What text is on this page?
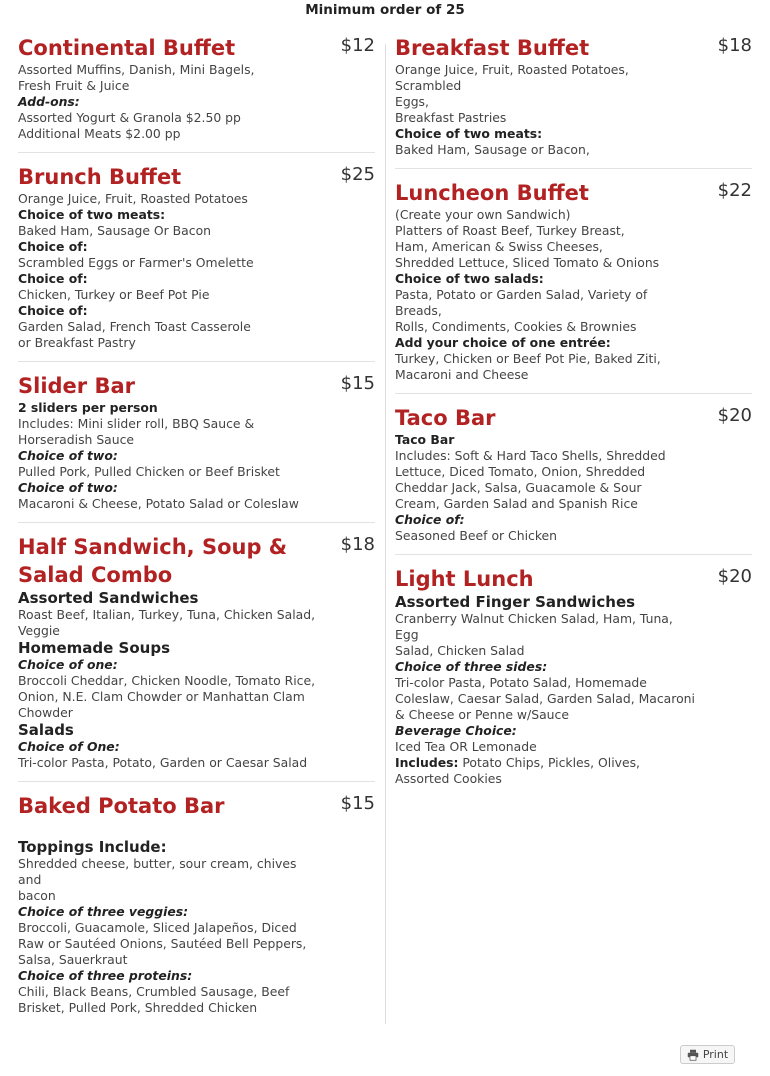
Minimum order of 25
Continental Buffet	$12
Assorted Muffins, Danish, Mini Bagels,
Fresh Fruit & Juice
Add-ons:
Assorted Yogurt & Granola $2.50 pp
Additional Meats $2.00 pp
Brunch Buffet	$25
Orange Juice, Fruit, Roasted Potatoes
Choice of two meats:
Baked Ham, Sausage Or Bacon
Choice of:
Scrambled Eggs or Farmer's Omelette
Choice of:
Chicken, Turkey or Beef Pot Pie
Choice of:
Garden Salad, French Toast Casserole
or Breakfast Pastry
Slider Bar	$15
2 sliders per person
Includes: Mini slider roll, BBQ Sauce &
Horseradish Sauce
Choice of two:
Pulled Pork, Pulled Chicken or Beef Brisket
Choice of two:
Macaroni & Cheese, Potato Salad or Coleslaw
Half Sandwich, Soup & Salad Combo
$18
Assorted Sandwiches
Roast Beef, Italian, Turkey, Tuna, Chicken Salad,
Veggie
Homemade Soups
Choice of one:
Broccoli Cheddar, Chicken Noodle, Tomato Rice,
Onion, N.E. Clam Chowder or Manhattan Clam
Chowder
Salads
Choice of One:
Tri-color Pasta, Potato, Garden or Caesar Salad
Baked Potato Bar	$15
Toppings Include:
Shredded cheese, butter, sour cream, chives and
bacon
Choice of three veggies:
Broccoli, Guacamole, Sliced Jalapeños, Diced
Raw or Sautéed Onions, Sautéed Bell Peppers,
Salsa, Sauerkraut
Choice of three proteins:
Chili, Black Beans, Crumbled Sausage, Beef
Brisket, Pulled Pork, Shredded Chicken
Breakfast Buffet	$18
Orange Juice, Fruit, Roasted Potatoes, Scrambled
Eggs,
Breakfast Pastries
Choice of two meats:
Baked Ham, Sausage or Bacon,
Luncheon Buffet	$22
(Create your own Sandwich)
Platters of Roast Beef, Turkey Breast,
Ham, American & Swiss Cheeses,
Shredded Lettuce, Sliced Tomato & Onions
Choice of two salads:
Pasta, Potato or Garden Salad, Variety of Breads,
Rolls, Condiments, Cookies & Brownies
Add your choice of one entrée:
Turkey, Chicken or Beef Pot Pie, Baked Ziti,
Macaroni and Cheese
Taco Bar	$20
Taco Bar
Includes: Soft & Hard Taco Shells, Shredded
Lettuce, Diced Tomato, Onion, Shredded
Cheddar Jack, Salsa, Guacamole & Sour
Cream, Garden Salad and Spanish Rice
Choice of:
Seasoned Beef or Chicken
Light Lunch	$20
Assorted Finger Sandwiches
Cranberry Walnut Chicken Salad, Ham, Tuna, Egg
Salad, Chicken Salad
Choice of three sides:
Tri-color Pasta, Potato Salad, Homemade
Coleslaw, Caesar Salad, Garden Salad, Macaroni
& Cheese or Penne w/Sauce
Beverage Choice:
Iced Tea OR Lemonade
Includes: Potato Chips, Pickles, Olives,
Assorted Cookies
Print
